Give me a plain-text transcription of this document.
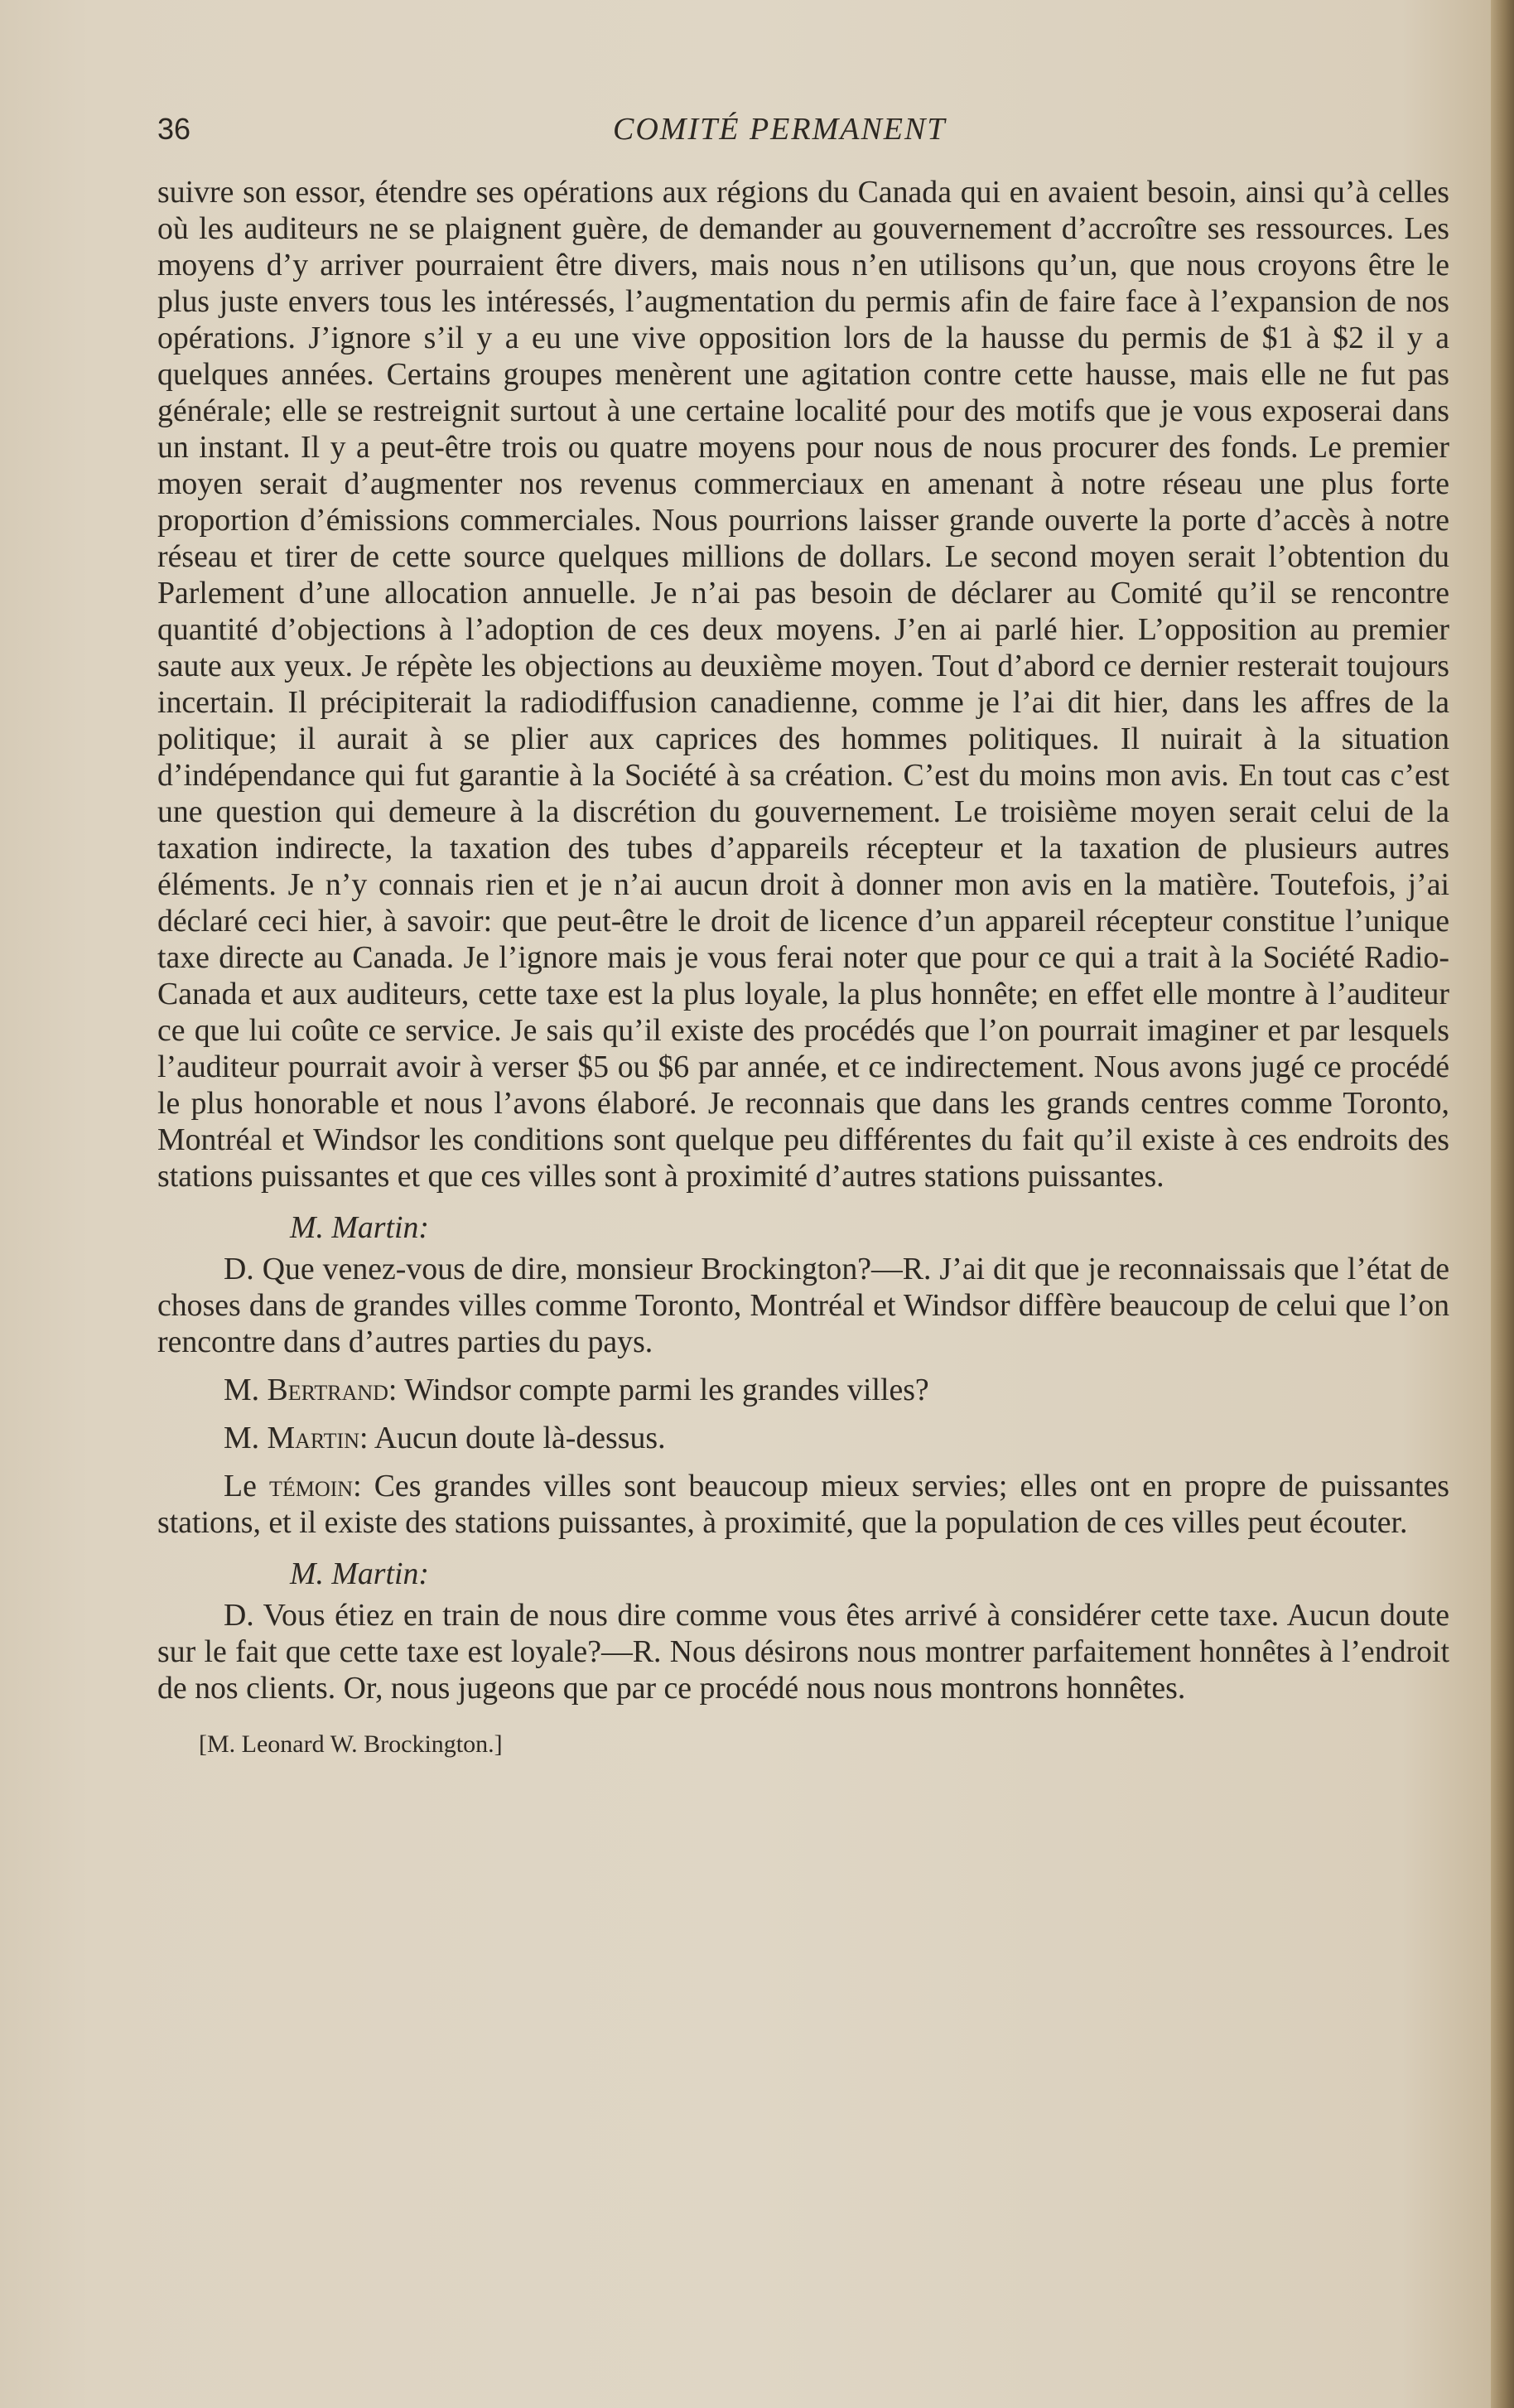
36	COMITÉ PERMANENT

suivre son essor, étendre ses opérations aux régions du Canada qui en avaient besoin, ainsi qu’à celles où les auditeurs ne se plaignent guère, de demander au gouvernement d’accroître ses ressources. Les moyens d’y arriver pourraient être divers, mais nous n’en utilisons qu’un, que nous croyons être le plus juste envers tous les intéressés, l’augmentation du permis afin de faire face à l’expansion de nos opérations. J’ignore s’il y a eu une vive opposition lors de la hausse du permis de $1 à $2 il y a quelques années. Certains groupes menèrent une agitation contre cette hausse, mais elle ne fut pas générale; elle se restreignit surtout à une certaine localité pour des motifs que je vous exposerai dans un instant. Il y a peut-être trois ou quatre moyens pour nous de nous procurer des fonds. Le premier moyen serait d’augmenter nos revenus commerciaux en amenant à notre réseau une plus forte proportion d’émissions commerciales. Nous pourrions laisser grande ouverte la porte d’accès à notre réseau et tirer de cette source quelques millions de dollars. Le second moyen serait l’obtention du Parlement d’une allocation annuelle. Je n’ai pas besoin de déclarer au Comité qu’il se rencontre quantité d’objections à l’adoption de ces deux moyens. J’en ai parlé hier. L’opposition au premier saute aux yeux. Je répète les objections au deuxième moyen. Tout d’abord ce dernier resterait toujours incertain. Il précipiterait la radiodiffusion canadienne, comme je l’ai dit hier, dans les affres de la politique; il aurait à se plier aux caprices des hommes politiques. Il nuirait à la situation d’indépendance qui fut garantie à la Société à sa création. C’est du moins mon avis. En tout cas c’est une question qui demeure à la discrétion du gouvernement. Le troisième moyen serait celui de la taxation indirecte, la taxation des tubes d’appareils récepteur et la taxation de plusieurs autres éléments. Je n’y connais rien et je n’ai aucun droit à donner mon avis en la matière. Toutefois, j’ai déclaré ceci hier, à savoir: que peut-être le droit de licence d’un appareil récepteur constitue l’unique taxe directe au Canada. Je l’ignore mais je vous ferai noter que pour ce qui a trait à la Société Radio-Canada et aux auditeurs, cette taxe est la plus loyale, la plus honnête; en effet elle montre à l’auditeur ce que lui coûte ce service. Je sais qu’il existe des procédés que l’on pourrait imaginer et par lesquels l’auditeur pourrait avoir à verser $5 ou $6 par année, et ce indirectement. Nous avons jugé ce procédé le plus honorable et nous l’avons élaboré. Je reconnais que dans les grands centres comme Toronto, Montréal et Windsor les conditions sont quelque peu différentes du fait qu’il existe à ces endroits des stations puissantes et que ces villes sont à proximité d’autres stations puissantes.

M. Martin:

D. Que venez-vous de dire, monsieur Brockington?—R. J’ai dit que je reconnaissais que l’état de choses dans de grandes villes comme Toronto, Montréal et Windsor diffère beaucoup de celui que l’on rencontre dans d’autres parties du pays.

M. Bertrand: Windsor compte parmi les grandes villes?

M. Martin: Aucun doute là-dessus.

Le témoin: Ces grandes villes sont beaucoup mieux servies; elles ont en propre de puissantes stations, et il existe des stations puissantes, à proximité, que la population de ces villes peut écouter.

M. Martin:

D. Vous étiez en train de nous dire comme vous êtes arrivé à considérer cette taxe. Aucun doute sur le fait que cette taxe est loyale?—R. Nous désirons nous montrer parfaitement honnêtes à l’endroit de nos clients. Or, nous jugeons que par ce procédé nous nous montrons honnêtes.

[M. Leonard W. Brockington.]
